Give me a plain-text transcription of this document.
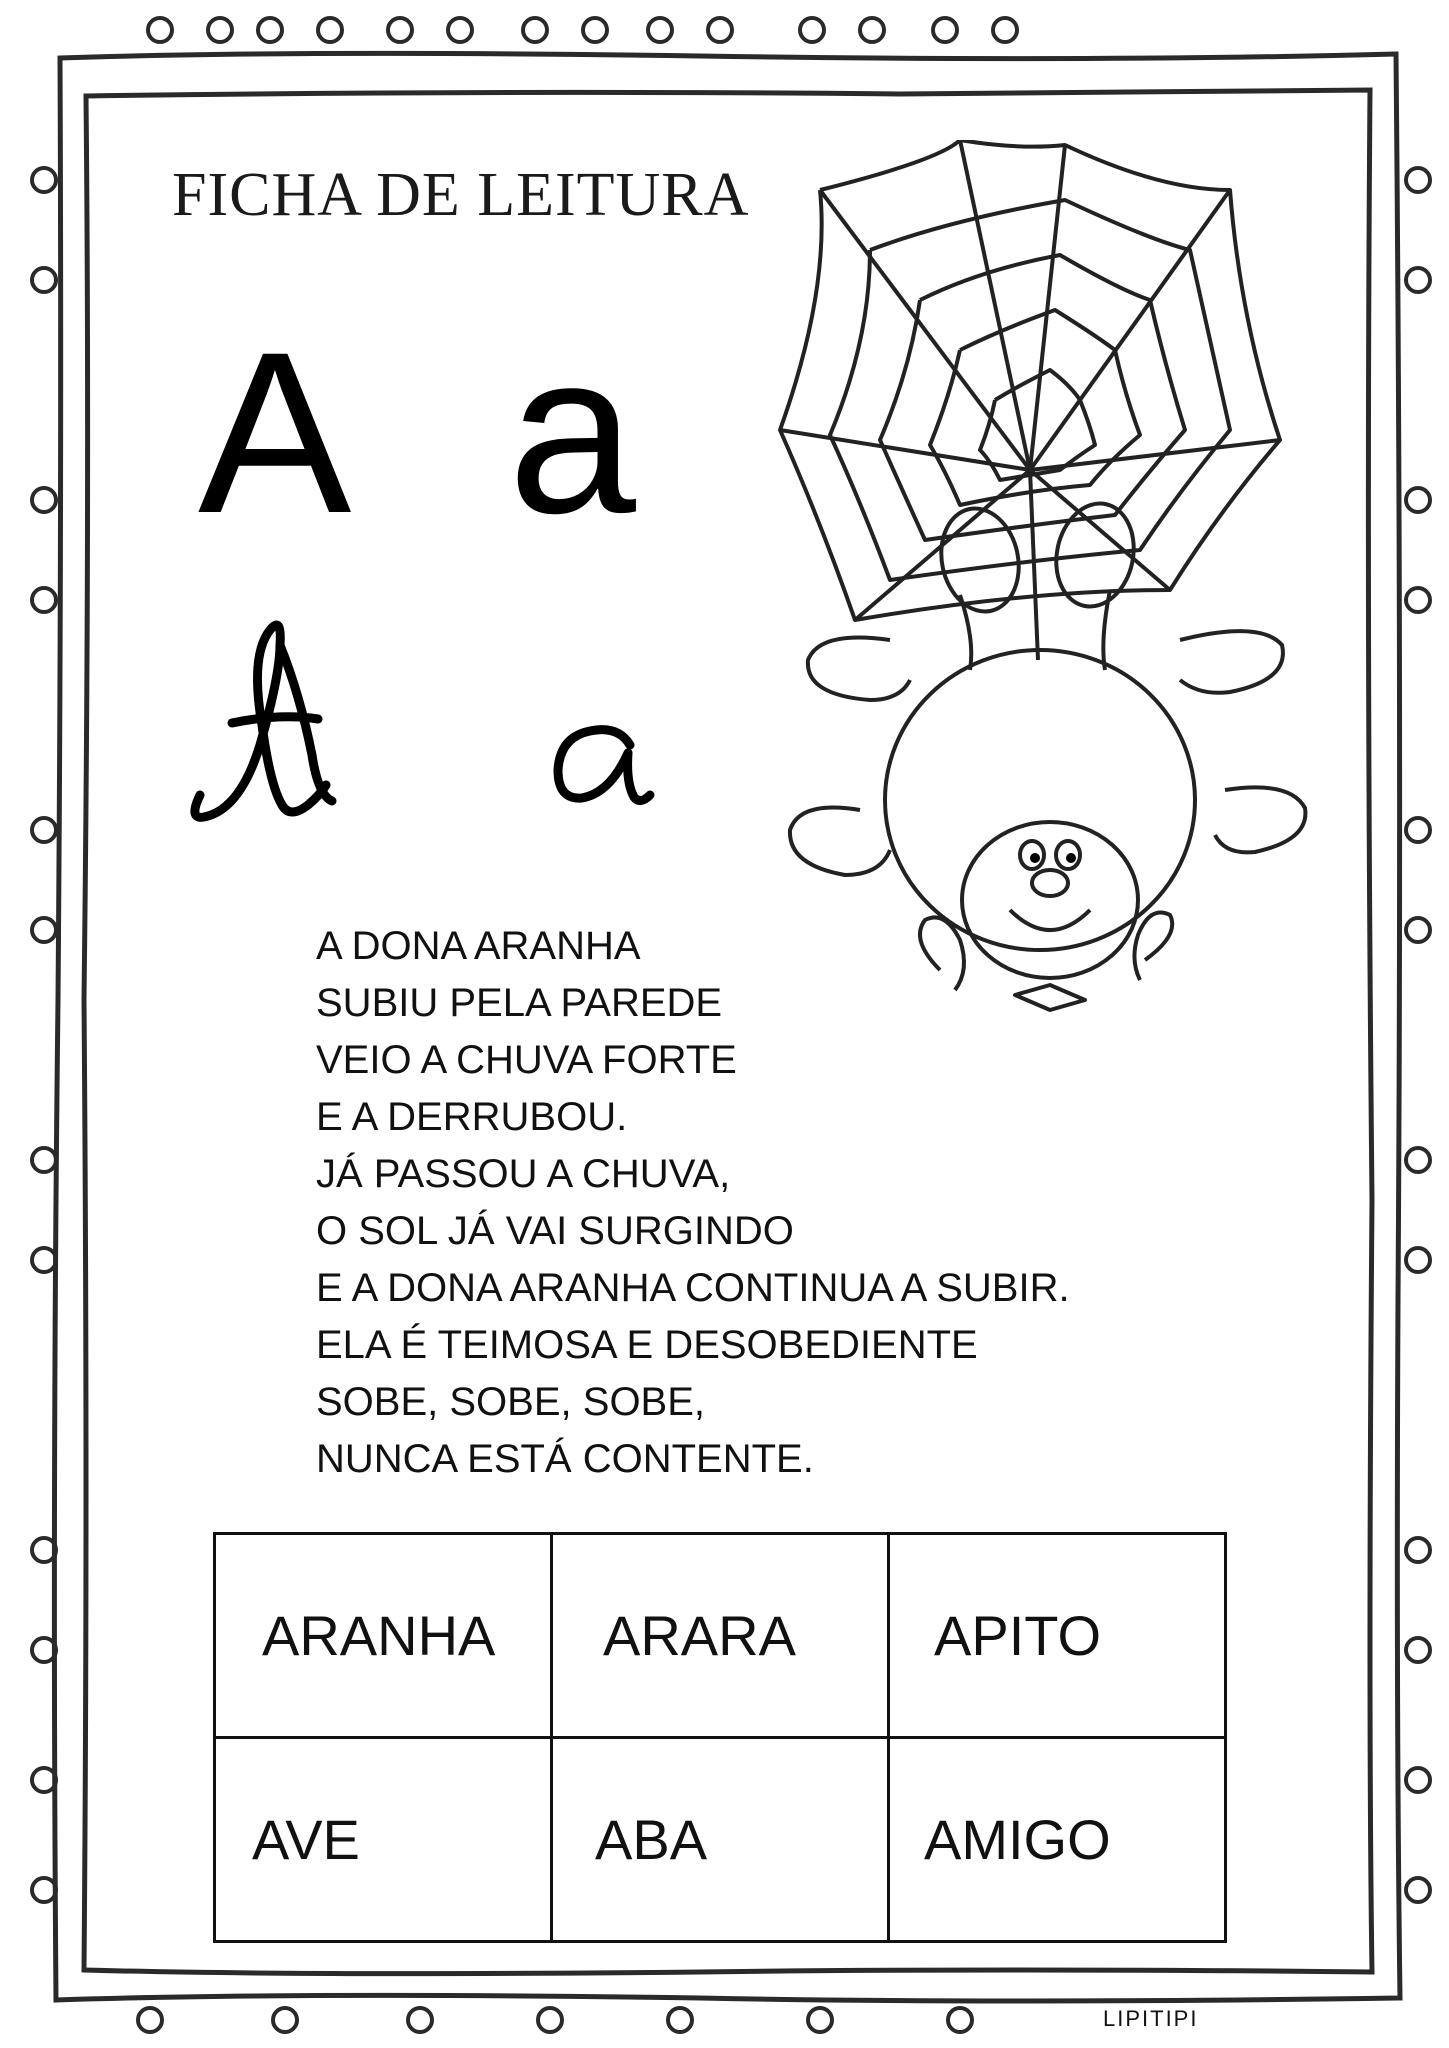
FICHA DE LEITURA
A a
A DONA ARANHA
SUBIU PELA PAREDE
VEIO A CHUVA FORTE
E A DERRUBOU.
JÁ PASSOU A CHUVA,
O SOL JÁ VAI SURGINDO
E A DONA ARANHA CONTINUA A SUBIR.
ELA É TEIMOSA E DESOBEDIENTE
SOBE, SOBE, SOBE,
NUNCA ESTÁ CONTENTE.
ARANHA	ARARA	APITO

AVE	ABA	AMIGO
LIPITIPI
